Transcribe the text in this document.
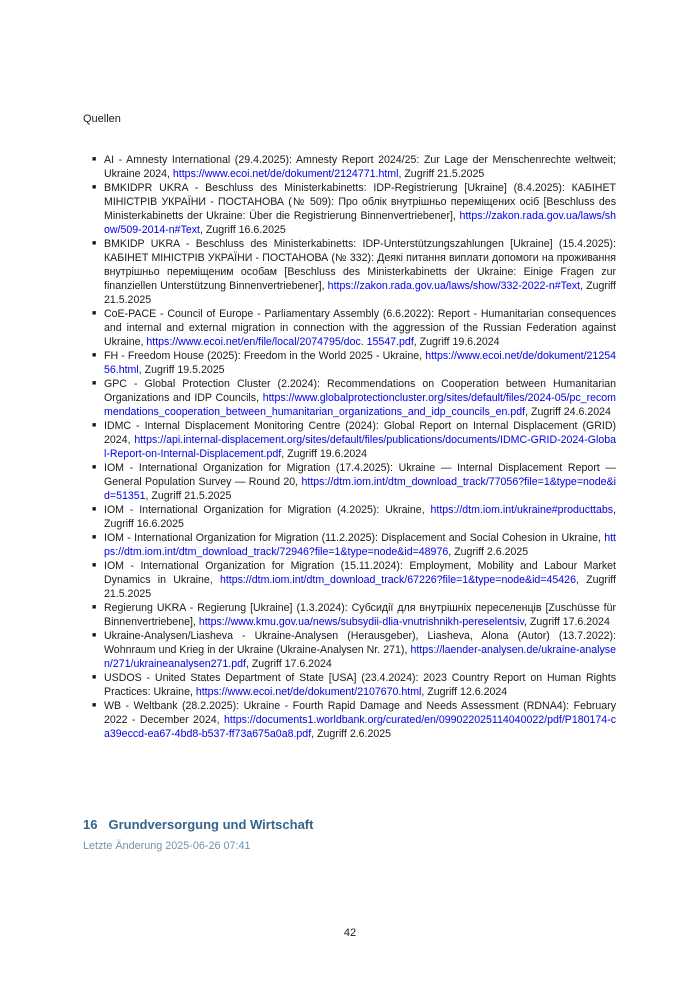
Quellen
■ AI - Amnesty International (29.4.2025): Amnesty Report 2024/25: Zur Lage der Menschenrechte weltweit; Ukraine 2024, https://www.ecoi.net/de/dokument/2124771.html, Zugriff 21.5.2025
■ BMKIDPR UKRA - Beschluss des Ministerkabinetts: IDP-Registrierung [Ukraine] (8.4.2025): КАБІНЕТ МІНІСТРІВ УКРАЇНИ - ПОСТАНОВА (№ 509): Про облік внутрішньо переміщених осіб [Beschluss des Ministerkabinetts der Ukraine: Über die Registrierung Binnenvertriebener], https://zakon.rada.gov.ua/laws/show/509-2014-n#Text, Zugriff 16.6.2025
■ BMKIDP UKRA - Beschluss des Ministerkabinetts: IDP-Unterstützungszahlungen [Ukraine] (15.4.2025): КАБІНЕТ МІНІСТРІВ УКРАЇНИ - ПОСТАНОВА (№ 332): Деякі питання виплати допомоги на проживання внутрішньо переміщеним особам [Beschluss des Ministerkabinetts der Ukraine: Einige Fragen zur finanziellen Unterstützung Binnenvertriebener], https://zakon.rada.gov.ua/laws/show/332-2022-n#Text, Zugriff 21.5.2025
■ CoE-PACE - Council of Europe - Parliamentary Assembly (6.6.2022): Report - Humanitarian consequences and internal and external migration in connection with the aggression of the Russian Federation against Ukraine, https://www.ecoi.net/en/file/local/2074795/doc. 15547.pdf, Zugriff 19.6.2024
■ FH - Freedom House (2025): Freedom in the World 2025 - Ukraine, https://www.ecoi.net/de/dokument/2125456.html, Zugriff 19.5.2025
■ GPC - Global Protection Cluster (2.2024): Recommendations on Cooperation between Humanitarian Organizations and IDP Councils, https://www.globalprotectioncluster.org/sites/default/files/2024-05/pc_recommendations_cooperation_between_humanitarian_organizations_and_idp_councils_en.pdf, Zugriff 24.6.2024
■ IDMC - Internal Displacement Monitoring Centre (2024): Global Report on Internal Displacement (GRID) 2024, https://api.internal-displacement.org/sites/default/files/publications/documents/IDMC-GRID-2024-Global-Report-on-Internal-Displacement.pdf, Zugriff 19.6.2024
■ IOM - International Organization for Migration (17.4.2025): Ukraine — Internal Displacement Report — General Population Survey — Round 20, https://dtm.iom.int/dtm_download_track/77056?file=1&type=node&id=51351, Zugriff 21.5.2025
■ IOM - International Organization for Migration (4.2025): Ukraine, https://dtm.iom.int/ukraine#producttabs, Zugriff 16.6.2025
■ IOM - International Organization for Migration (11.2.2025): Displacement and Social Cohesion in Ukraine, https://dtm.iom.int/dtm_download_track/72946?file=1&type=node&id=48976, Zugriff 2.6.2025
■ IOM - International Organization for Migration (15.11.2024): Employment, Mobility and Labour Market Dynamics in Ukraine, https://dtm.iom.int/dtm_download_track/67226?file=1&type=node&id=45426, Zugriff 21.5.2025
■ Regierung UKRA - Regierung [Ukraine] (1.3.2024): Субсидії для внутрішніх переселенців [Zuschüsse für Binnenvertriebene], https://www.kmu.gov.ua/news/subsydii-dlia-vnutrishnikh-pereselentsiv, Zugriff 17.6.2024
■ Ukraine-Analysen/Liasheva - Ukraine-Analysen (Herausgeber), Liasheva, Alona (Autor) (13.7.2022): Wohnraum und Krieg in der Ukraine (Ukraine-Analysen Nr. 271), https://laender-analysen.de/ukraine-analysen/271/ukraineanalysen271.pdf, Zugriff 17.6.2024
■ USDOS - United States Department of State [USA] (23.4.2024): 2023 Country Report on Human Rights Practices: Ukraine, https://www.ecoi.net/de/dokument/2107670.html, Zugriff 12.6.2024
■ WB - Weltbank (28.2.2025): Ukraine - Fourth Rapid Damage and Needs Assessment (RDNA4): February 2022 - December 2024, https://documents1.worldbank.org/curated/en/099022025114040022/pdf/P180174-ca39eccd-ea67-4bd8-b537-ff73a675a0a8.pdf, Zugriff 2.6.2025
16 Grundversorgung und Wirtschaft
Letzte Änderung 2025-06-26 07:41
42
